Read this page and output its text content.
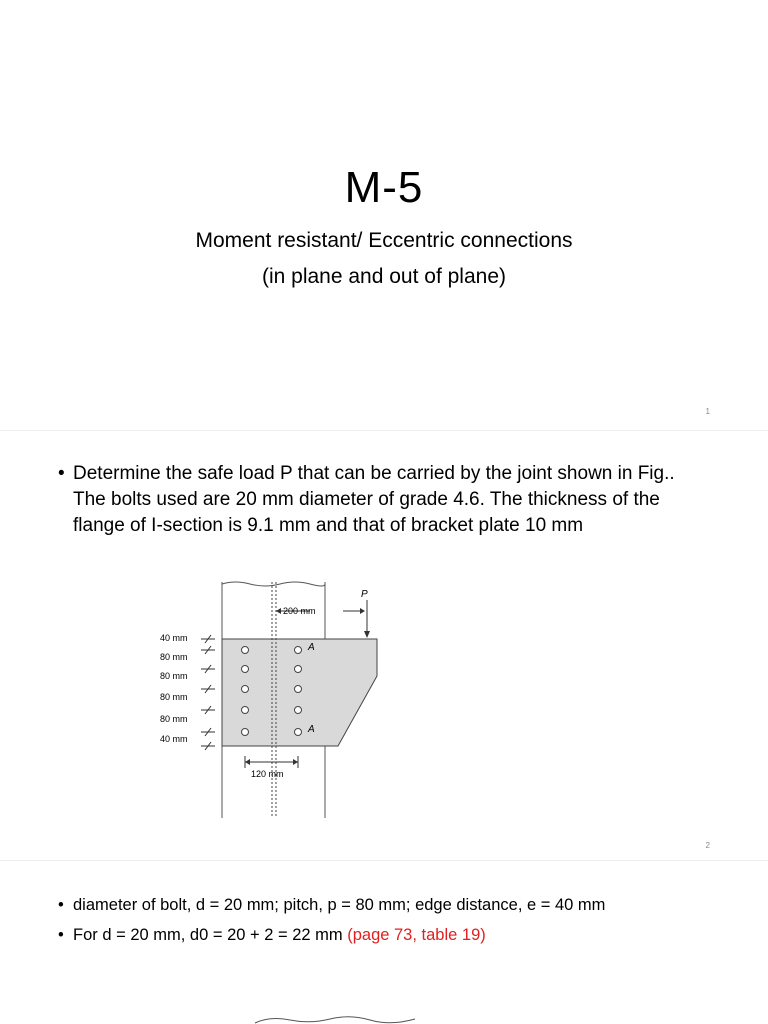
M-5
Moment resistant/ Eccentric connections
(in plane and out of plane)
1
• Determine the safe load P that can be carried by the joint shown in Fig.. The bolts used are 20 mm diameter of grade 4.6. The thickness of the flange of I-section is 9.1 mm and that of bracket plate 10 mm
A
A
P
200 mm
120 mm
40 mm
80 mm
80 mm
80 mm
80 mm
40 mm
2
• diameter of bolt, d = 20 mm; pitch, p = 80 mm; edge distance, e = 40 mm
• For d = 20 mm, d0 = 20 + 2 = 22 mm (page 73, table 19)
